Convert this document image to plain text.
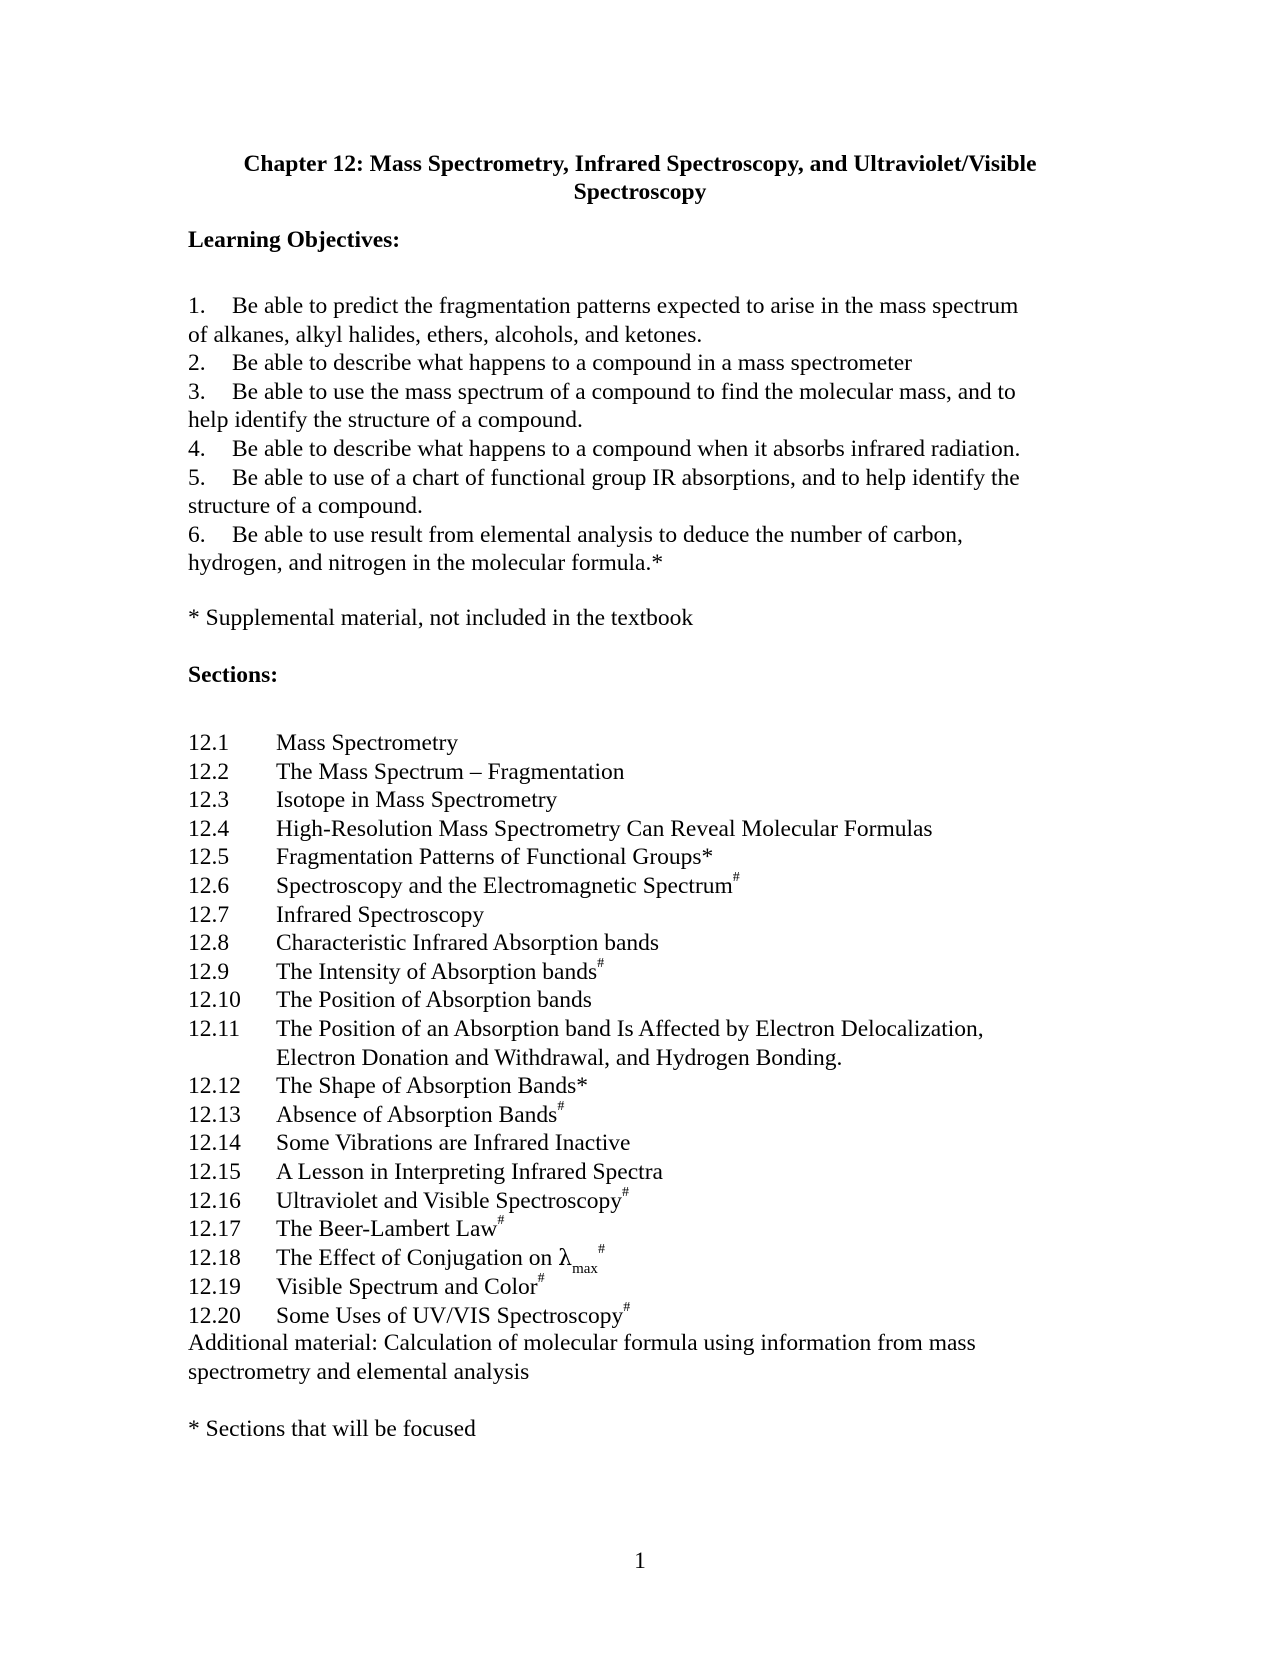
Chapter 12: Mass Spectrometry, Infrared Spectroscopy, and Ultraviolet/Visible
Spectroscopy
Learning Objectives:
1. Be able to predict the fragmentation patterns expected to arise in the mass spectrum
of alkanes, alkyl halides, ethers, alcohols, and ketones.
2. Be able to describe what happens to a compound in a mass spectrometer
3. Be able to use the mass spectrum of a compound to find the molecular mass, and to
help identify the structure of a compound.
4. Be able to describe what happens to a compound when it absorbs infrared radiation.
5. Be able to use of a chart of functional group IR absorptions, and to help identify the
structure of a compound.
6. Be able to use result from elemental analysis to deduce the number of carbon,
hydrogen, and nitrogen in the molecular formula.*
* Supplemental material, not included in the textbook
Sections:
12.1	Mass Spectrometry
12.2	The Mass Spectrum – Fragmentation
12.3	Isotope in Mass Spectrometry
12.4	High-Resolution Mass Spectrometry Can Reveal Molecular Formulas
12.5	Fragmentation Patterns of Functional Groups*
12.6	Spectroscopy and the Electromagnetic Spectrum#
12.7	Infrared Spectroscopy
12.8	Characteristic Infrared Absorption bands
12.9	The Intensity of Absorption bands#
12.10	The Position of Absorption bands
12.11	The Position of an Absorption band Is Affected by Electron Delocalization,
Electron Donation and Withdrawal, and Hydrogen Bonding.
12.12	The Shape of Absorption Bands*
12.13	Absence of Absorption Bands#
12.14	Some Vibrations are Infrared Inactive
12.15	A Lesson in Interpreting Infrared Spectra
12.16	Ultraviolet and Visible Spectroscopy#
12.17	The Beer-Lambert Law#
12.18	The Effect of Conjugation on $\lambda_{max}^{\#}$
12.19	Visible Spectrum and Color#
12.20	Some Uses of UV/VIS Spectroscopy#
Additional material: Calculation of molecular formula using information from mass
spectrometry and elemental analysis
* Sections that will be focused
1
